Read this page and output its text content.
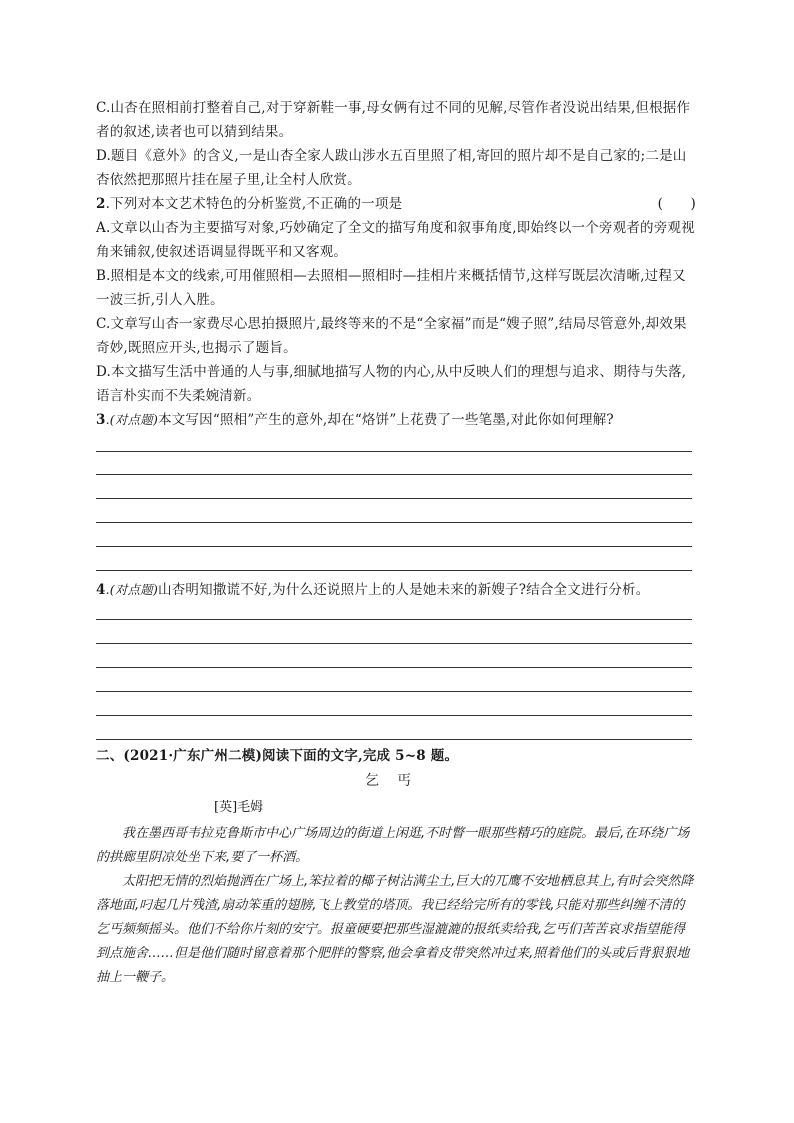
C.山杏在照相前打整着自己,对于穿新鞋一事,母女俩有过不同的见解,尽管作者没说出结果,但根据作者的叙述,读者也可以猜到结果。
D.题目《意外》的含义,一是山杏全家人跋山涉水五百里照了相,寄回的照片却不是自己家的;二是山杏依然把那照片挂在屋子里,让全村人欣赏。
2.下列对本文艺术特色的分析鉴赏,不正确的一项是	(　　)
A.文章以山杏为主要描写对象,巧妙确定了全文的描写角度和叙事角度,即始终以一个旁观者的旁观视角来铺叙,使叙述语调显得既平和又客观。
B.照相是本文的线索,可用催照相—去照相—照相时—挂相片来概括情节,这样写既层次清晰,过程又一波三折,引人入胜。
C.文章写山杏一家费尽心思拍摄照片,最终等来的不是“全家福”而是“嫂子照”,结局尽管意外,却效果奇妙,既照应开头,也揭示了题旨。
D.本文描写生活中普通的人与事,细腻地描写人物的内心,从中反映人们的理想与追求、期待与失落,语言朴实而不失柔婉清新。
3.(对点题)本文写因“照相”产生的意外,却在“烙饼”上花费了一些笔墨,对此你如何理解?
4.(对点题)山杏明知撒谎不好,为什么还说照片上的人是她未来的新嫂子?结合全文进行分析。
二、(2021·广东广州二模)阅读下面的文字,完成 5~8 题。
乞丐
[英]毛姆
我在墨西哥韦拉克鲁斯市中心广场周边的街道上闲逛,不时瞥一眼那些精巧的庭院。最后,在环绕广场的拱廊里阴凉处坐下来,要了一杯酒。
太阳把无情的烈焰抛洒在广场上,笨拉着的椰子树沾满尘土,巨大的兀鹰不安地栖息其上,有时会突然降落地面,叼起几片残渣,扇动笨重的翅膀,飞上教堂的塔顶。我已经给完所有的零钱,只能对那些纠缠不清的乞丐频频摇头。他们不给你片刻的安宁。报童硬要把那些湿漉漉的报纸卖给我,乞丐们苦苦哀求指望能得到点施舍……但是他们随时留意着那个肥胖的警察,他会拿着皮带突然冲过来,照着他们的头或后背狠狠地抽上一鞭子。
